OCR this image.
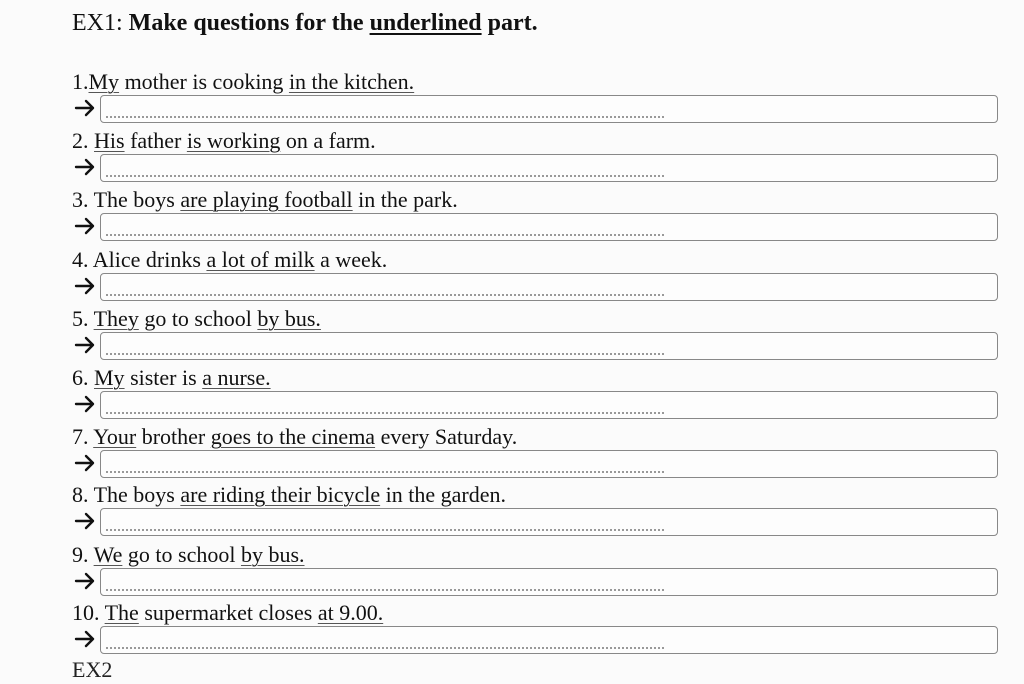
EX1: Make questions for the underlined part.
1.My mother is cooking in the kitchen.
2. His father is working on a farm.
3. The boys are playing football in the park.
4. Alice drinks a lot of milk a week.
5. They go to school by bus.
6. My sister is a nurse.
7. Your brother goes to the cinema every Saturday.
8. The boys are riding their bicycle in the garden.
9. We go to school by bus.
10. The supermarket closes at 9.00.
EX2
